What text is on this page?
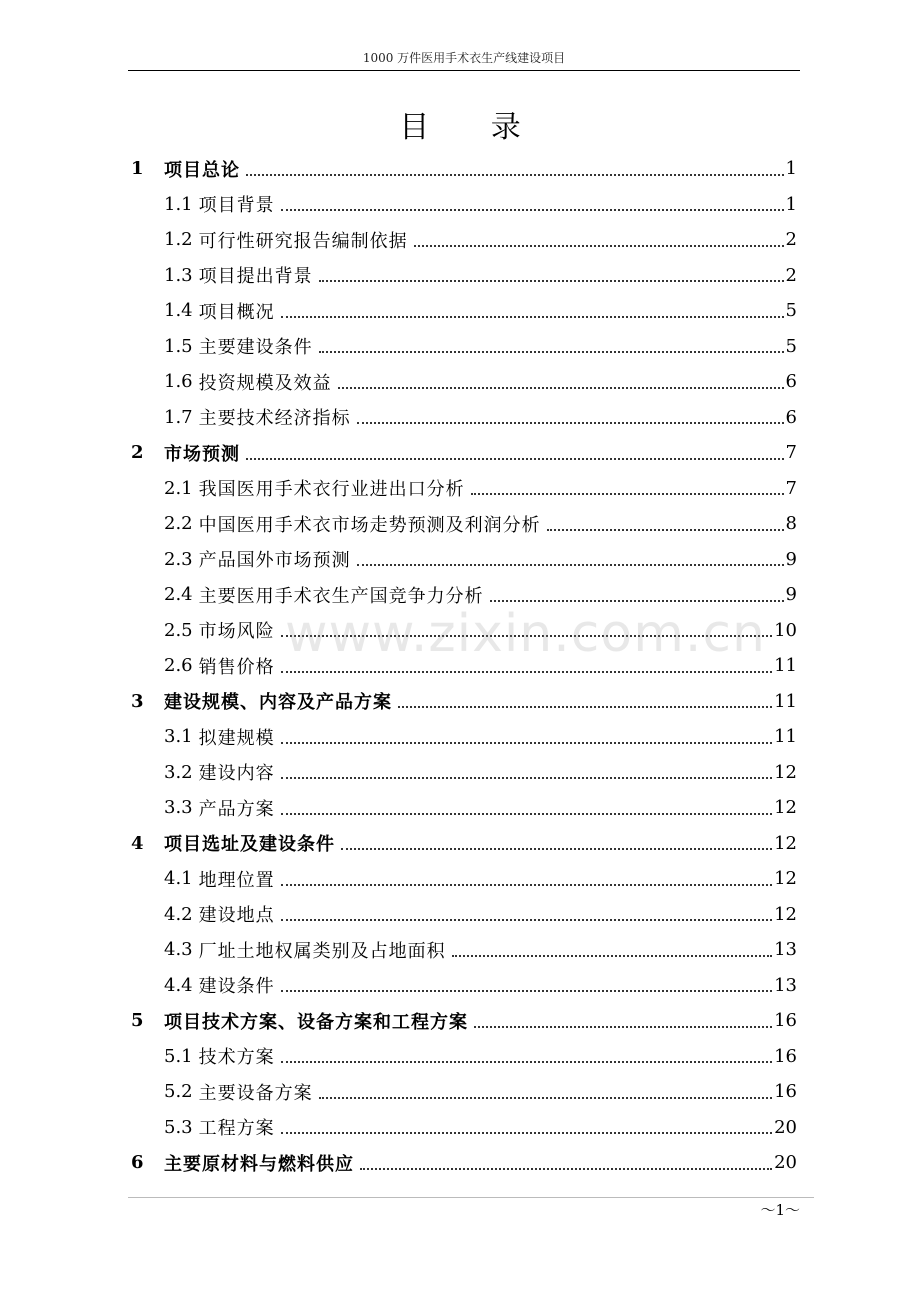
1000 万件医用手术衣生产线建设项目
目 录
1	项目总论	1
1.1 项目背景	1
1.2 可行性研究报告编制依据	2
1.3 项目提出背景	2
1.4 项目概况	5
1.5 主要建设条件	5
1.6 投资规模及效益	6
1.7 主要技术经济指标	6
2	市场预测	7
2.1 我国医用手术衣行业进出口分析	7
2.2 中国医用手术衣市场走势预测及利润分析	8
2.3 产品国外市场预测	9
2.4 主要医用手术衣生产国竞争力分析	9
2.5 市场风险	10
2.6 销售价格	11
3	建设规模、内容及产品方案	11
3.1 拟建规模	11
3.2 建设内容	12
3.3 产品方案	12
4	项目选址及建设条件	12
4.1 地理位置	12
4.2 建设地点	12
4.3 厂址土地权属类别及占地面积	13
4.4 建设条件	13
5	项目技术方案、设备方案和工程方案	16
5.1 技术方案	16
5.2 主要设备方案	16
5.3 工程方案	20
6	主要原材料与燃料供应	20
www.zixin.com.cn
～1～
